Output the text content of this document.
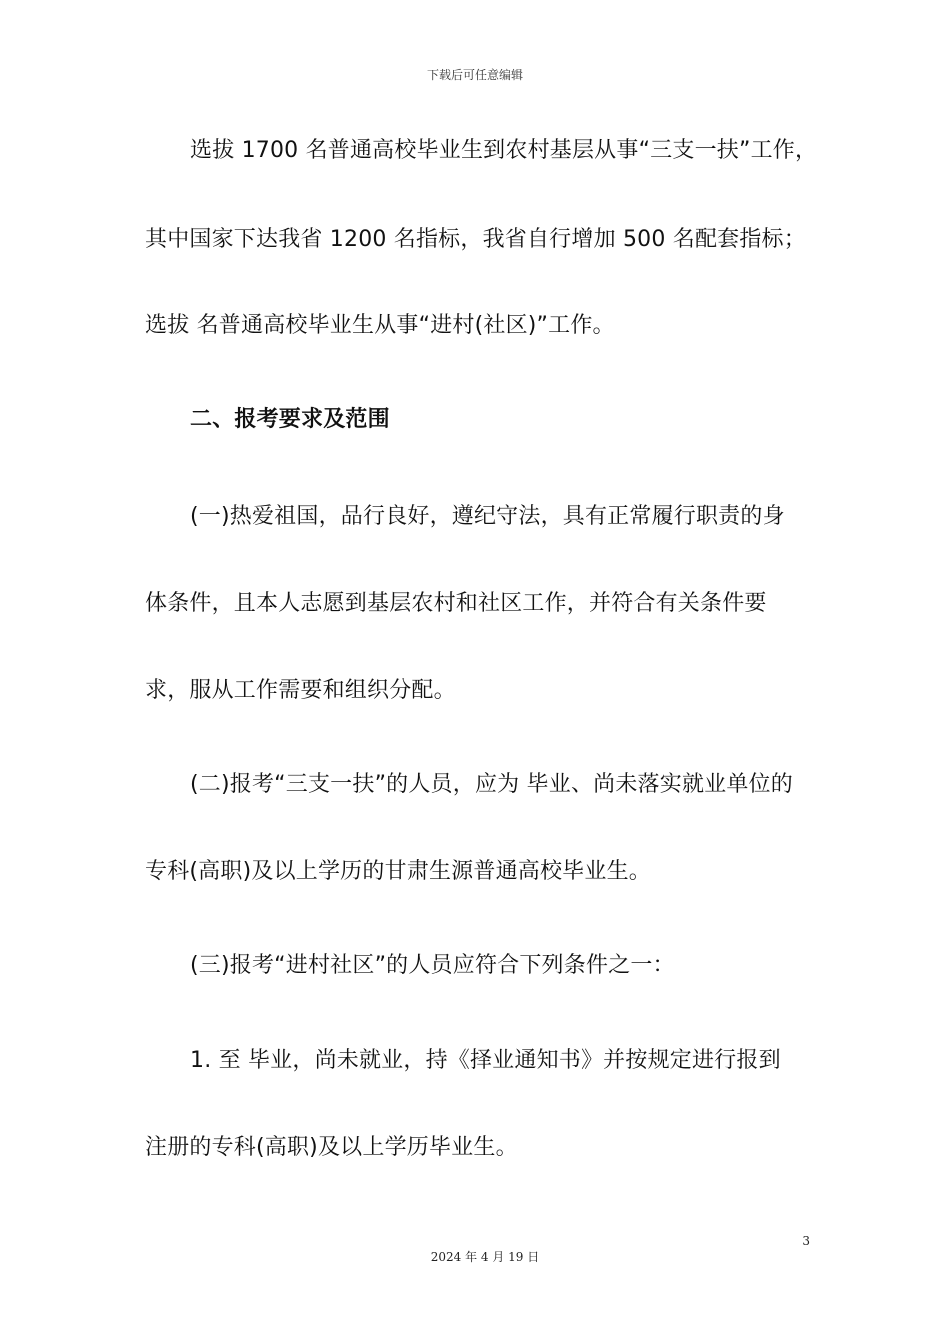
下载后可任意编辑
选拔 1700 名普通高校毕业生到农村基层从事“三支一扶”工作，
其中国家下达我省 1200 名指标，我省自行增加 500 名配套指标；
选拔 名普通高校毕业生从事“进村(社区)”工作。
二、报考要求及范围
(一)热爱祖国，品行良好，遵纪守法，具有正常履行职责的身
体条件，且本人志愿到基层农村和社区工作，并符合有关条件要
求，服从工作需要和组织分配。
(二)报考“三支一扶”的人员，应为 毕业、尚未落实就业单位的
专科(高职)及以上学历的甘肃生源普通高校毕业生。
(三)报考“进村社区”的人员应符合下列条件之一：
1. 至 毕业，尚未就业，持《择业通知书》并按规定进行报到
注册的专科(高职)及以上学历毕业生。
3
2024 年 4 月 19 日
